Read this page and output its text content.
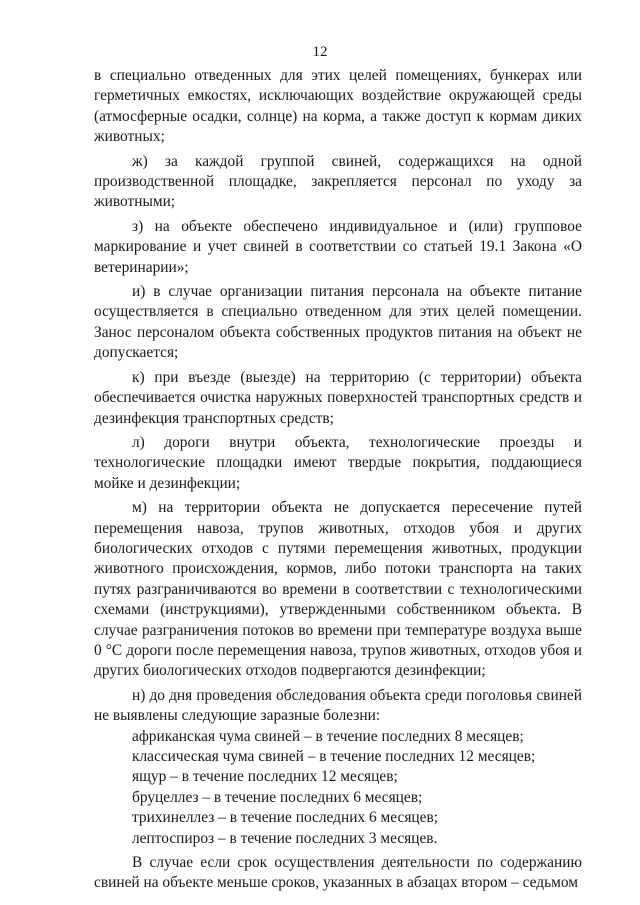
12

в специально отведенных для этих целей помещениях, бункерах или герметичных емкостях, исключающих воздействие окружающей среды (атмосферные осадки, солнце) на корма, а также доступ к кормам диких животных;

ж) за каждой группой свиней, содержащихся на одной производственной площадке, закрепляется персонал по уходу за животными;

з) на объекте обеспечено индивидуальное и (или) групповое маркирование и учет свиней в соответствии со статьей 19.1 Закона «О ветеринарии»;

и) в случае организации питания персонала на объекте питание осуществляется в специально отведенном для этих целей помещении. Занос персоналом объекта собственных продуктов питания на объект не допускается;

к) при въезде (выезде) на территорию (с территории) объекта обеспечивается очистка наружных поверхностей транспортных средств и дезинфекция транспортных средств;

л) дороги внутри объекта, технологические проезды и технологические площадки имеют твердые покрытия, поддающиеся мойке и дезинфекции;

м) на территории объекта не допускается пересечение путей перемещения навоза, трупов животных, отходов убоя и других биологических отходов с путями перемещения животных, продукции животного происхождения, кормов, либо потоки транспорта на таких путях разграничиваются во времени в соответствии с технологическими схемами (инструкциями), утвержденными собственником объекта. В случае разграничения потоков во времени при температуре воздуха выше 0 °C дороги после перемещения навоза, трупов животных, отходов убоя и других биологических отходов подвергаются дезинфекции;

н) до дня проведения обследования объекта среди поголовья свиней не выявлены следующие заразные болезни:

африканская чума свиней – в течение последних 8 месяцев;

классическая чума свиней – в течение последних 12 месяцев;

ящур – в течение последних 12 месяцев;

бруцеллез – в течение последних 6 месяцев;

трихинеллез – в течение последних 6 месяцев;

лептоспироз – в течение последних 3 месяцев.

В случае если срок осуществления деятельности по содержанию свиней на объекте меньше сроков, указанных в абзацах втором – седьмом
